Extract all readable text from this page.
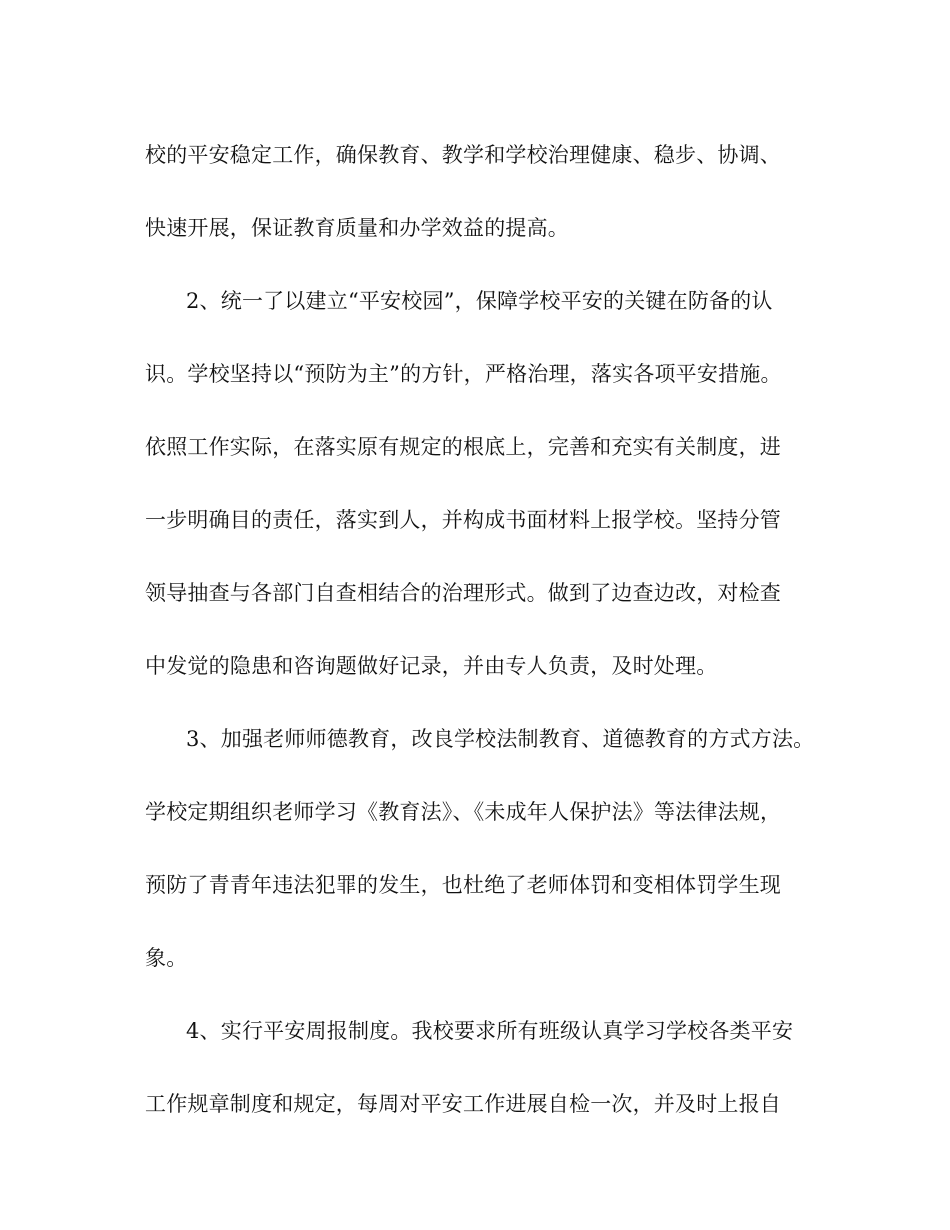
校的平安稳定工作，确保教育、教学和学校治理健康、稳步、协调、
快速开展，保证教育质量和办学效益的提高。
2、统一了以建立“平安校园”，保障学校平安的关键在防备的认
识。学校坚持以“预防为主”的方针，严格治理，落实各项平安措施。
依照工作实际，在落实原有规定的根底上，完善和充实有关制度，进
一步明确目的责任，落实到人，并构成书面材料上报学校。坚持分管
领导抽查与各部门自查相结合的治理形式。做到了边查边改，对检查
中发觉的隐患和咨询题做好记录，并由专人负责，及时处理。
3、加强老师师德教育，改良学校法制教育、道德教育的方式方法。
学校定期组织老师学习《教育法》、《未成年人保护法》等法律法规，
预防了青青年违法犯罪的发生，也杜绝了老师体罚和变相体罚学生现
象。
4、实行平安周报制度。我校要求所有班级认真学习学校各类平安
工作规章制度和规定，每周对平安工作进展自检一次，并及时上报自
